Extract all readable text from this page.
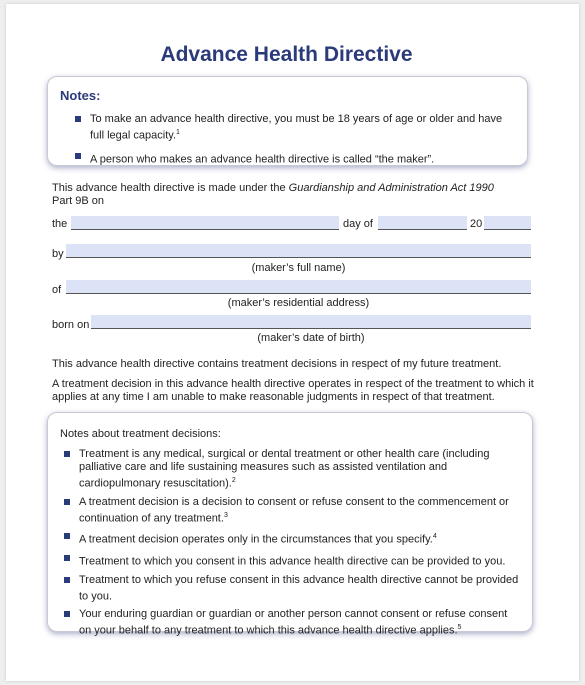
Advance Health Directive
Notes:
To make an advance health directive, you must be 18 years of age or older and have full legal capacity.$^1$
A person who makes an advance health directive is called “the maker”.
This advance health directive is made under the Guardianship and Administration Act 1990
Part 9B on
the	day of	20
by
(maker’s full name)
of
(maker’s residential address)
born on
(maker’s date of birth)
This advance health directive contains treatment decisions in respect of my future treatment.
A treatment decision in this advance health directive operates in respect of the treatment to which it applies at any time I am unable to make reasonable judgments in respect of that treatment.
Notes about treatment decisions:
Treatment is any medical, surgical or dental treatment or other health care (including palliative care and life sustaining measures such as assisted ventilation and cardiopulmonary resuscitation).$^2$
A treatment decision is a decision to consent or refuse consent to the commencement or continuation of any treatment.$^3$
A treatment decision operates only in the circumstances that you specify.$^4$
Treatment to which you consent in this advance health directive can be provided to you.
Treatment to which you refuse consent in this advance health directive cannot be provided to you.
Your enduring guardian or guardian or another person cannot consent or refuse consent on your behalf to any treatment to which this advance health directive applies.$^5$
